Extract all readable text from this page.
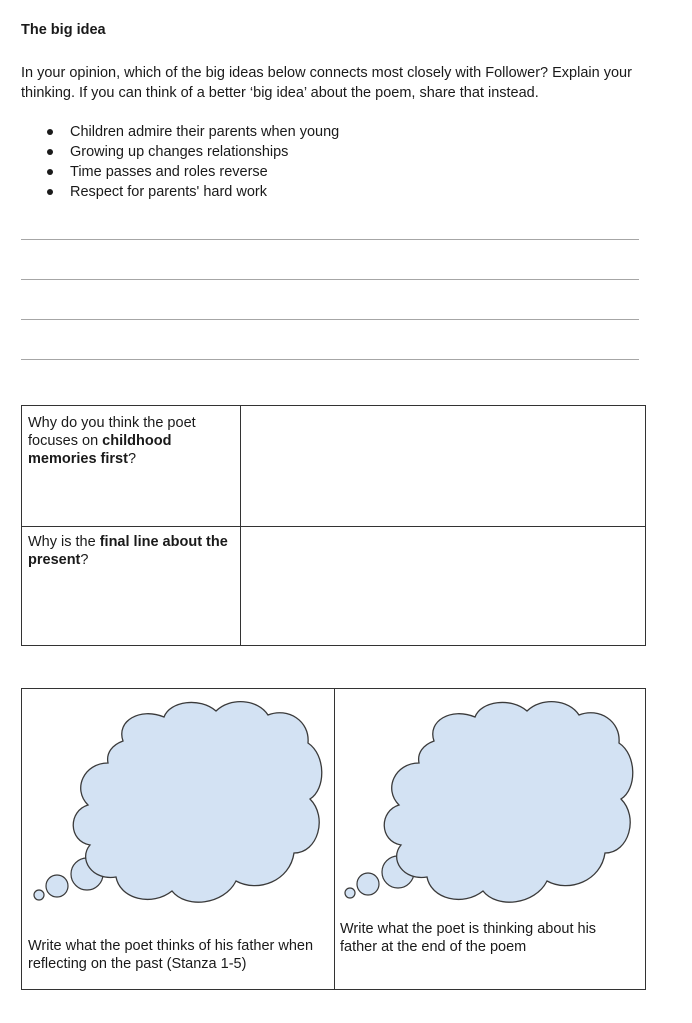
The big idea
In your opinion, which of the big ideas below connects most closely with Follower? Explain your thinking. If you can think of a better ‘big idea’ about the poem, share that instead.
Children admire their parents when young
Growing up changes relationships
Time passes and roles reverse
Respect for parents' hard work
Why do you think the poet focuses on childhood memories first?	
Why is the final line about the present?	
Write what the poet thinks of his father when reflecting on the past (Stanza 1-5)
Write what the poet is thinking about his father at the end of the poem
